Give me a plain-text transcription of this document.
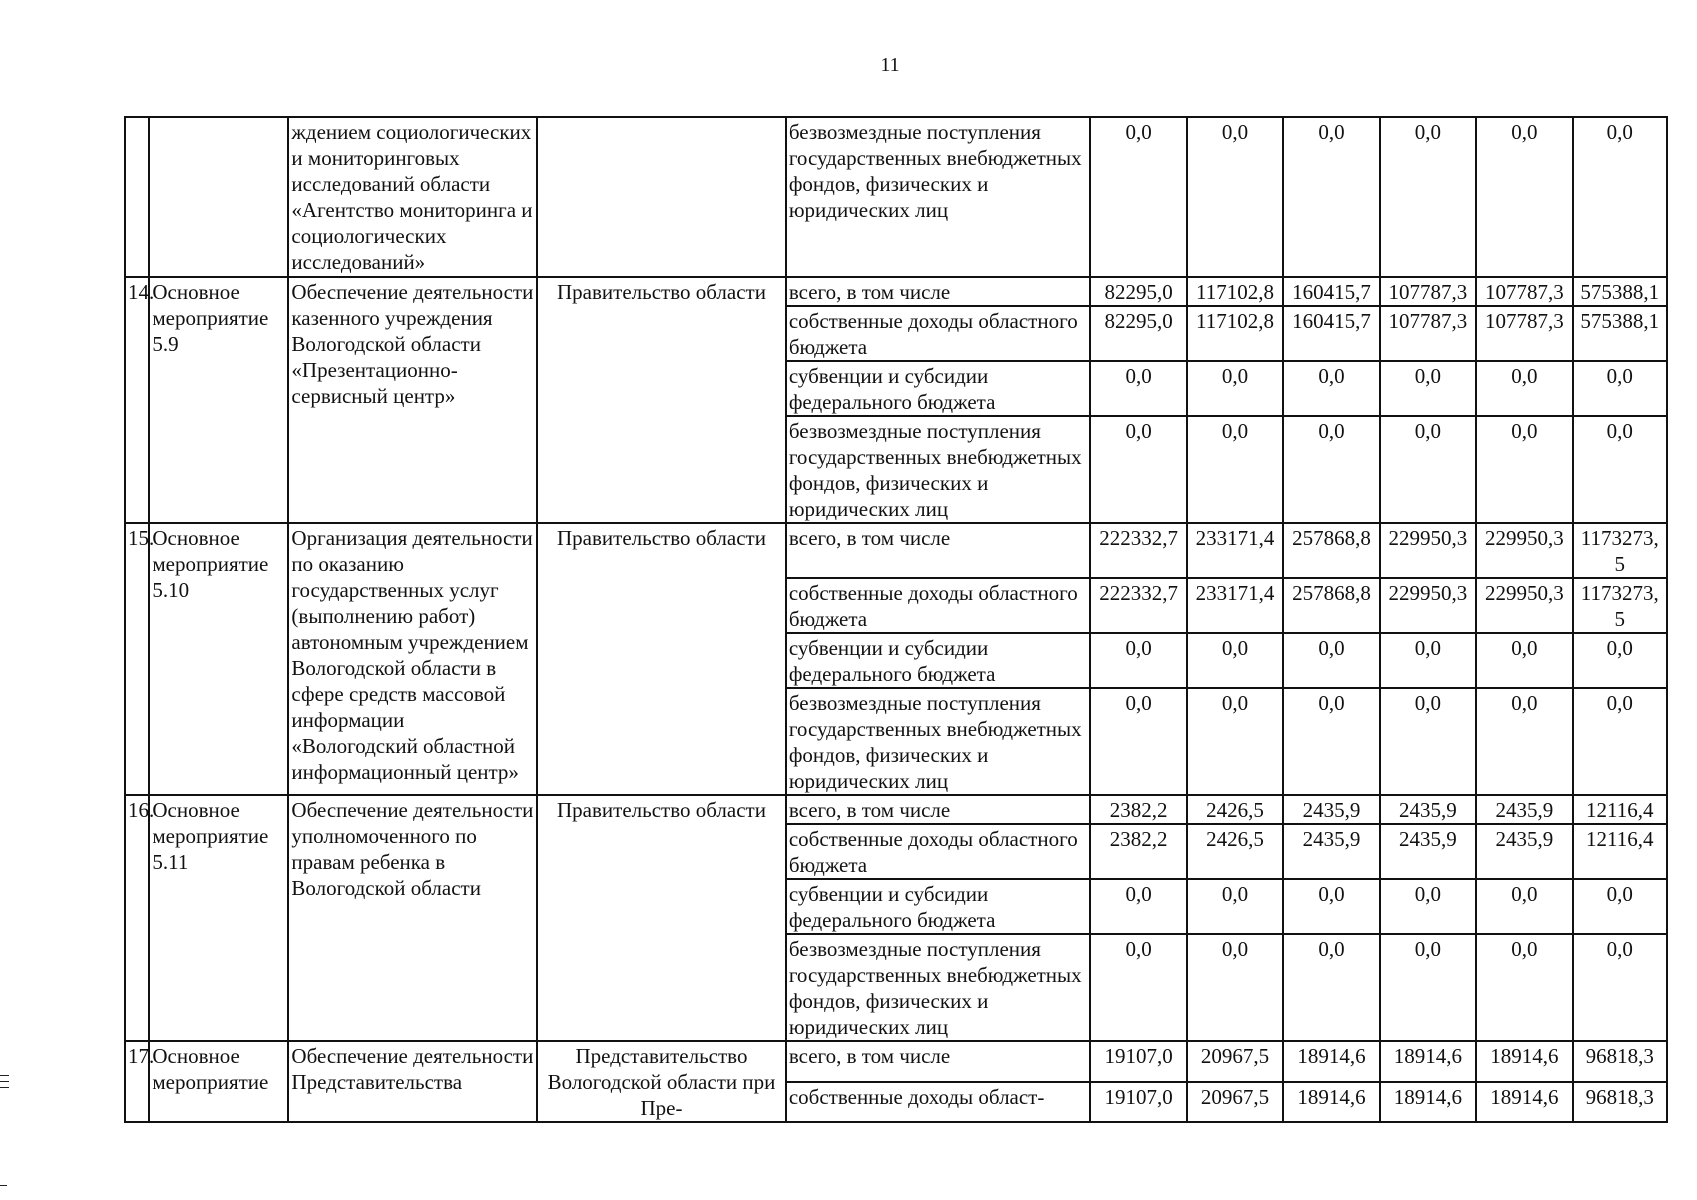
11
		ждением социологических и мониторинговых исследований области «Агентство мониторинга и социологических исследований»		безвозмездные поступления государственных внебюджетных фондов, физических и юридических лиц	0,0	0,0	0,0	0,0	0,0	0,0
14.	Основное мероприятие 5.9	Обеспечение деятельности казенного учреждения Вологодской области «Презентационно-сервисный центр»	Правительство области	всего, в том числе	82295,0	117102,8	160415,7	107787,3	107787,3	575388,1
				собственные доходы областного бюджета	82295,0	117102,8	160415,7	107787,3	107787,3	575388,1
				субвенции и субсидии федерального бюджета	0,0	0,0	0,0	0,0	0,0	0,0
				безвозмездные поступления государственных внебюджетных фондов, физических и юридических лиц	0,0	0,0	0,0	0,0	0,0	0,0
15.	Основное мероприятие 5.10	Организация деятельности по оказанию государственных услуг (выполнению работ) автономным учреждением Вологодской области в сфере средств массовой информации «Вологодский областной информационный центр»	Правительство области	всего, в том числе	222332,7	233171,4	257868,8	229950,3	229950,3	1173273,5
				собственные доходы областного бюджета	222332,7	233171,4	257868,8	229950,3	229950,3	1173273,5
				субвенции и субсидии федерального бюджета	0,0	0,0	0,0	0,0	0,0	0,0
				безвозмездные поступления государственных внебюджетных фондов, физических и юридических лиц	0,0	0,0	0,0	0,0	0,0	0,0
16.	Основное мероприятие 5.11	Обеспечение деятельности уполномоченного по правам ребенка в Вологодской области	Правительство области	всего, в том числе	2382,2	2426,5	2435,9	2435,9	2435,9	12116,4
				собственные доходы областного бюджета	2382,2	2426,5	2435,9	2435,9	2435,9	12116,4
				субвенции и субсидии федерального бюджета	0,0	0,0	0,0	0,0	0,0	0,0
				безвозмездные поступления государственных внебюджетных фондов, физических и юридических лиц	0,0	0,0	0,0	0,0	0,0	0,0
17.	Основное мероприятие	Обеспечение деятельности Представительства	Представительство Вологодской области при Пре-	всего, в том числе	19107,0	20967,5	18914,6	18914,6	18914,6	96818,3
				собственные доходы област-	19107,0	20967,5	18914,6	18914,6	18914,6	96818,3
